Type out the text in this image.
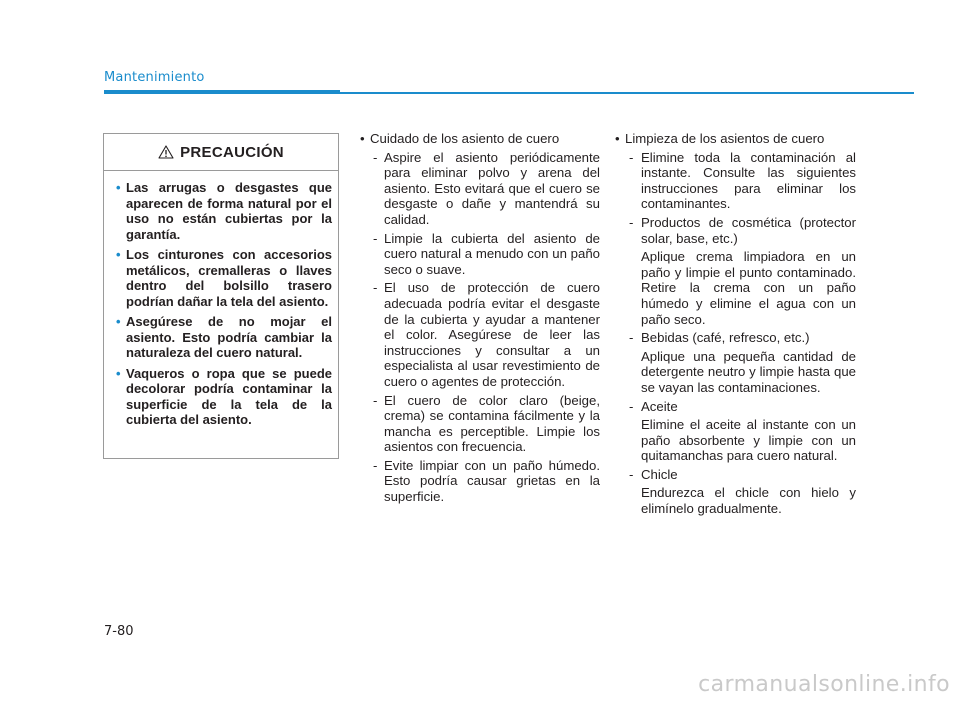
Mantenimiento
PRECAUCIÓN
• Las arrugas o desgastes que aparecen de forma natural por el uso no están cubiertas por la garantía.
• Los cinturones con accesorios metálicos, cremalleras o llaves dentro del bolsillo trasero podrían dañar la tela del asiento.
• Asegúrese de no mojar el asiento. Esto podría cambiar la naturaleza del cuero natural.
• Vaqueros o ropa que se puede decolorar podría contaminar la superficie de la tela de la cubierta del asiento.
• Cuidado de los asiento de cuero
- Aspire el asiento periódicamente para eliminar polvo y arena del asiento. Esto evitará que el cuero se desgaste o dañe y mantendrá su calidad.
- Limpie la cubierta del asiento de cuero natural a menudo con un paño seco o suave.
- El uso de protección de cuero adecuada podría evitar el desgaste de la cubierta y ayudar a mantener el color. Asegúrese de leer las instrucciones y consultar a un especialista al usar revestimiento de cuero o agentes de protección.
- El cuero de color claro (beige, crema) se contamina fácilmente y la mancha es perceptible. Limpie los asientos con frecuencia.
- Evite limpiar con un paño húmedo. Esto podría causar grietas en la superficie.
• Limpieza de los asientos de cuero
- Elimine toda la contaminación al instante. Consulte las siguientes instrucciones para eliminar los contaminantes.
- Productos de cosmética (protector solar, base, etc.)
Aplique crema limpiadora en un paño y limpie el punto contaminado. Retire la crema con un paño húmedo y elimine el agua con un paño seco.
- Bebidas (café, refresco, etc.)
Aplique una pequeña cantidad de detergente neutro y limpie hasta que se vayan las contaminaciones.
- Aceite
Elimine el aceite al instante con un paño absorbente y limpie con un quitamanchas para cuero natural.
- Chicle
Endurezca el chicle con hielo y elimínelo gradualmente.
7-80
carmanualsonline.info
